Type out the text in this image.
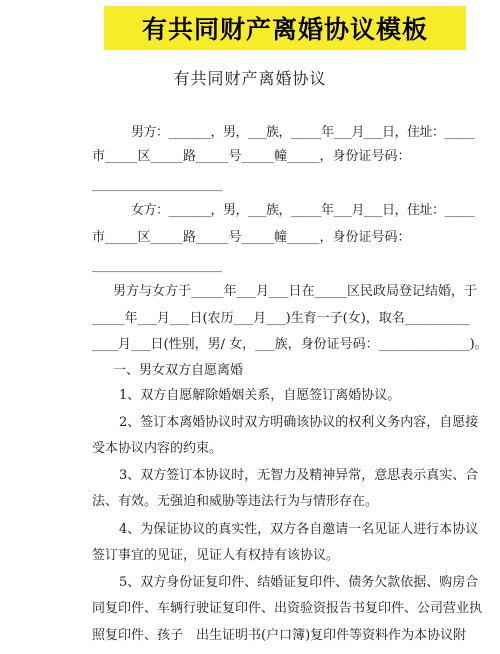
有共同财产离婚协议模板
有共同财产离婚协议
男方：_______，男，___族，_____年___月___日，住址：_____
市_____区_____路_____号_____幢_____，身份证号码：
____________________
女方：_______，男，___族，_____年___月___日，住址：_____
市_____区_____路_____号_____幢_____，身份证号码：
____________________
男方与女方于_____年___月___日在_____区民政局登记结婚，于
_____年___月___日(农历___月___)生育一子(女)，取名__________
____月___日(性别，男/ 女，___族，身份证号码：______________)。
一、男女双方自愿离婚
1、双方自愿解除婚姻关系，自愿签订离婚协议。
2、签订本离婚协议时双方明确该协议的权利义务内容，自愿接
受本协议内容的约束。
3、双方签订本协议时，无智力及精神异常，意思表示真实、合
法、有效。无强迫和威胁等违法行为与情形存在。
4、为保证协议的真实性，双方各自邀请一名见证人进行本协议
签订事宜的见证，见证人有权持有该协议。
5、双方身份证复印件、结婚证复印件、债务欠款依据、购房合
同复印件、车辆行驶证复印件、出资验资报告书复印件、公司营业执
照复印件、孩子　出生证明书(户口簿)复印件等资料作为本协议附
